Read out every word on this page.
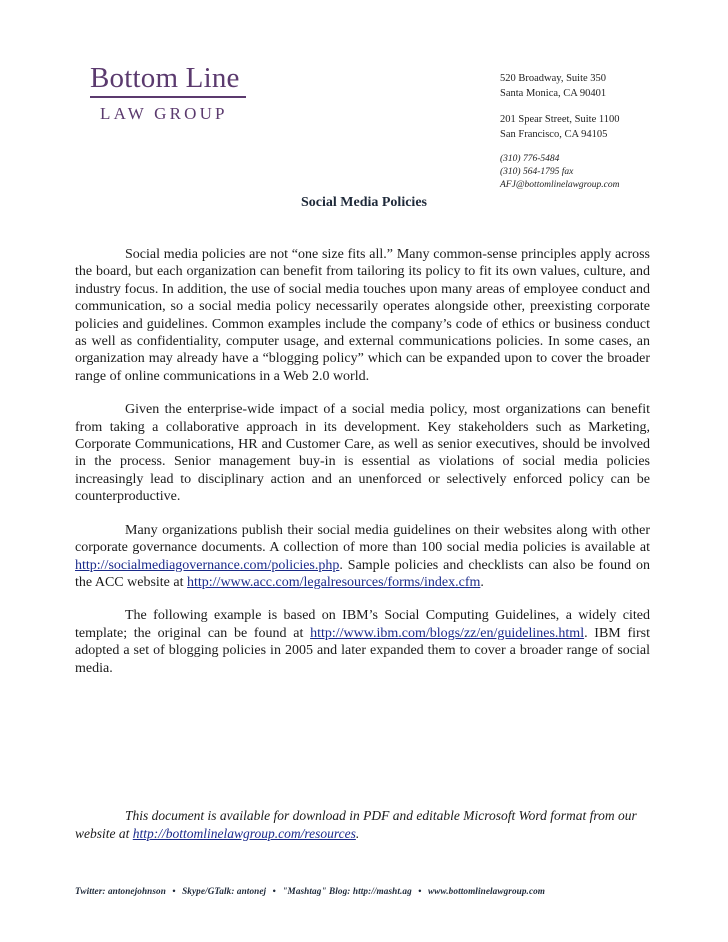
Bottom Line
LAW GROUP
520 Broadway, Suite 350
Santa Monica, CA 90401
201 Spear Street, Suite 1100
San Francisco, CA 94105
(310) 776-5484
(310) 564-1795 fax
AFJ@bottomlinelawgroup.com
Social Media Policies

Social media policies are not “one size fits all.” Many common-sense principles apply across the board, but each organization can benefit from tailoring its policy to fit its own values, culture, and industry focus. In addition, the use of social media touches upon many areas of employee conduct and communication, so a social media policy necessarily operates alongside other, preexisting corporate policies and guidelines. Common examples include the company’s code of ethics or business conduct as well as confidentiality, computer usage, and external communications policies. In some cases, an organization may already have a “blogging policy” which can be expanded upon to cover the broader range of online communications in a Web 2.0 world.

Given the enterprise-wide impact of a social media policy, most organizations can benefit from taking a collaborative approach in its development. Key stakeholders such as Marketing, Corporate Communications, HR and Customer Care, as well as senior executives, should be involved in the process. Senior management buy-in is essential as violations of social media policies increasingly lead to disciplinary action and an unenforced or selectively enforced policy can be counterproductive.

Many organizations publish their social media guidelines on their websites along with other corporate governance documents. A collection of more than 100 social media policies is available at http://socialmediagovernance.com/policies.php. Sample policies and checklists can also be found on the ACC website at http://www.acc.com/legalresources/forms/index.cfm.

The following example is based on IBM’s Social Computing Guidelines, a widely cited template; the original can be found at http://www.ibm.com/blogs/zz/en/guidelines.html. IBM first adopted a set of blogging policies in 2005 and later expanded them to cover a broader range of social media.

This document is available for download in PDF and editable Microsoft Word format from our website at http://bottomlinelawgroup.com/resources.
Twitter: antonejohnson • Skype/GTalk: antonej • "Mashtag" Blog: http://masht.ag • www.bottomlinelawgroup.com
